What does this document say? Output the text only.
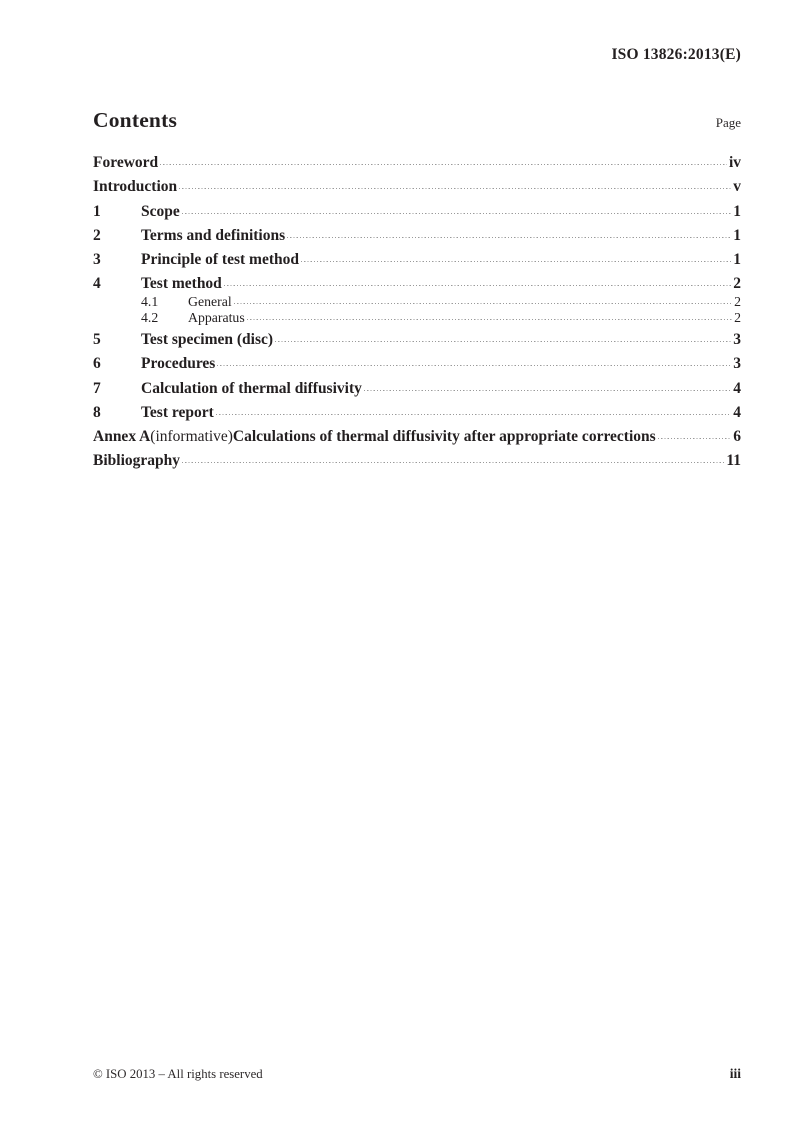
ISO 13826:2013(E)
Contents	Page
Foreword	iv
Introduction	v
1	Scope	1
2	Terms and definitions	1
3	Principle of test method	1
4	Test method	2
4.1	General	2
4.2	Apparatus	2
5	Test specimen (disc)	3
6	Procedures	3
7	Calculation of thermal diffusivity	4
8	Test report	4
Annex A (informative) Calculations of thermal diffusivity after appropriate corrections	6
Bibliography	11
© ISO 2013 – All rights reserved	iii
